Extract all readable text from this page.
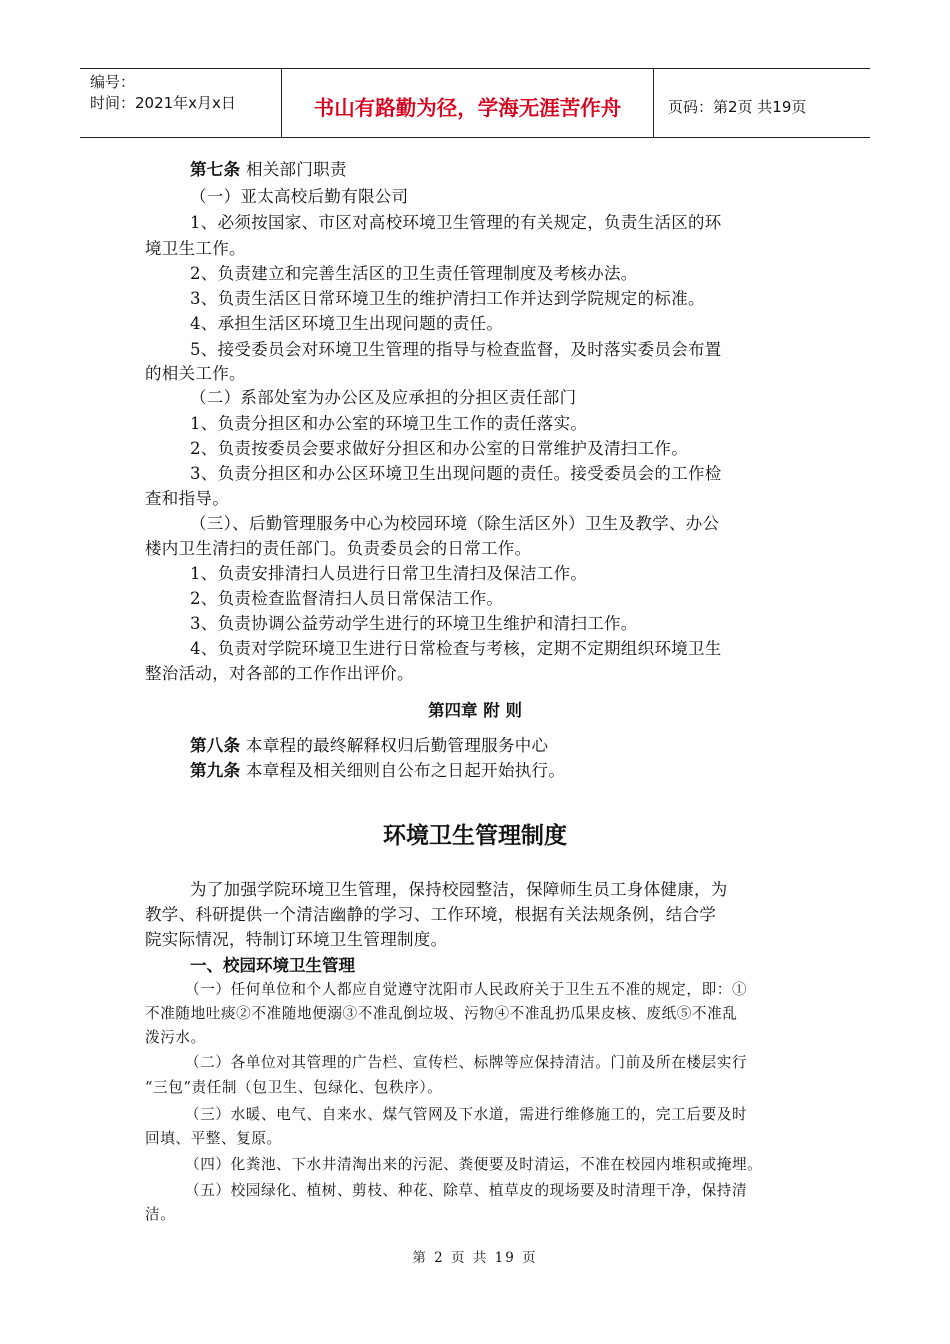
编号：
时间：2021年x月x日	书山有路勤为径，学海无涯苦作舟	页码：第2页 共19页
第七条 相关部门职责
（一）亚太高校后勤有限公司
1、必须按国家、市区对高校环境卫生管理的有关规定，负责生活区的环
境卫生工作。
2、负责建立和完善生活区的卫生责任管理制度及考核办法。
3、负责生活区日常环境卫生的维护清扫工作并达到学院规定的标准。
4、承担生活区环境卫生出现问题的责任。
5、接受委员会对环境卫生管理的指导与检查监督，及时落实委员会布置
的相关工作。
（二）系部处室为办公区及应承担的分担区责任部门
1、负责分担区和办公室的环境卫生工作的责任落实。
2、负责按委员会要求做好分担区和办公室的日常维护及清扫工作。
3、负责分担区和办公区环境卫生出现问题的责任。接受委员会的工作检
查和指导。
（三）、后勤管理服务中心为校园环境（除生活区外）卫生及教学、办公
楼内卫生清扫的责任部门。负责委员会的日常工作。
1、负责安排清扫人员进行日常卫生清扫及保洁工作。
2、负责检查监督清扫人员日常保洁工作。
3、负责协调公益劳动学生进行的环境卫生维护和清扫工作。
4、负责对学院环境卫生进行日常检查与考核，定期不定期组织环境卫生
整治活动，对各部的工作作出评价。
第四章 附 则
第八条 本章程的最终解释权归后勤管理服务中心
第九条 本章程及相关细则自公布之日起开始执行。
环境卫生管理制度
为了加强学院环境卫生管理，保持校园整洁，保障师生员工身体健康，为
教学、科研提供一个清洁幽静的学习、工作环境，根据有关法规条例，结合学
院实际情况，特制订环境卫生管理制度。
一、校园环境卫生管理
（一）任何单位和个人都应自觉遵守沈阳市人民政府关于卫生五不准的规定，即：①
不准随地吐痰②不准随地便溺③不准乱倒垃圾、污物④不准乱扔瓜果皮核、废纸⑤不准乱
泼污水。
（二）各单位对其管理的广告栏、宣传栏、标牌等应保持清洁。门前及所在楼层实行
“三包”责任制（包卫生、包绿化、包秩序）。
（三）水暖、电气、自来水、煤气管网及下水道，需进行维修施工的，完工后要及时
回填、平整、复原。
（四）化粪池、下水井清淘出来的污泥、粪便要及时清运，不准在校园内堆积或掩埋。
（五）校园绿化、植树、剪枝、种花、除草、植草皮的现场要及时清理干净，保持清
洁。
第 2 页 共 19 页
